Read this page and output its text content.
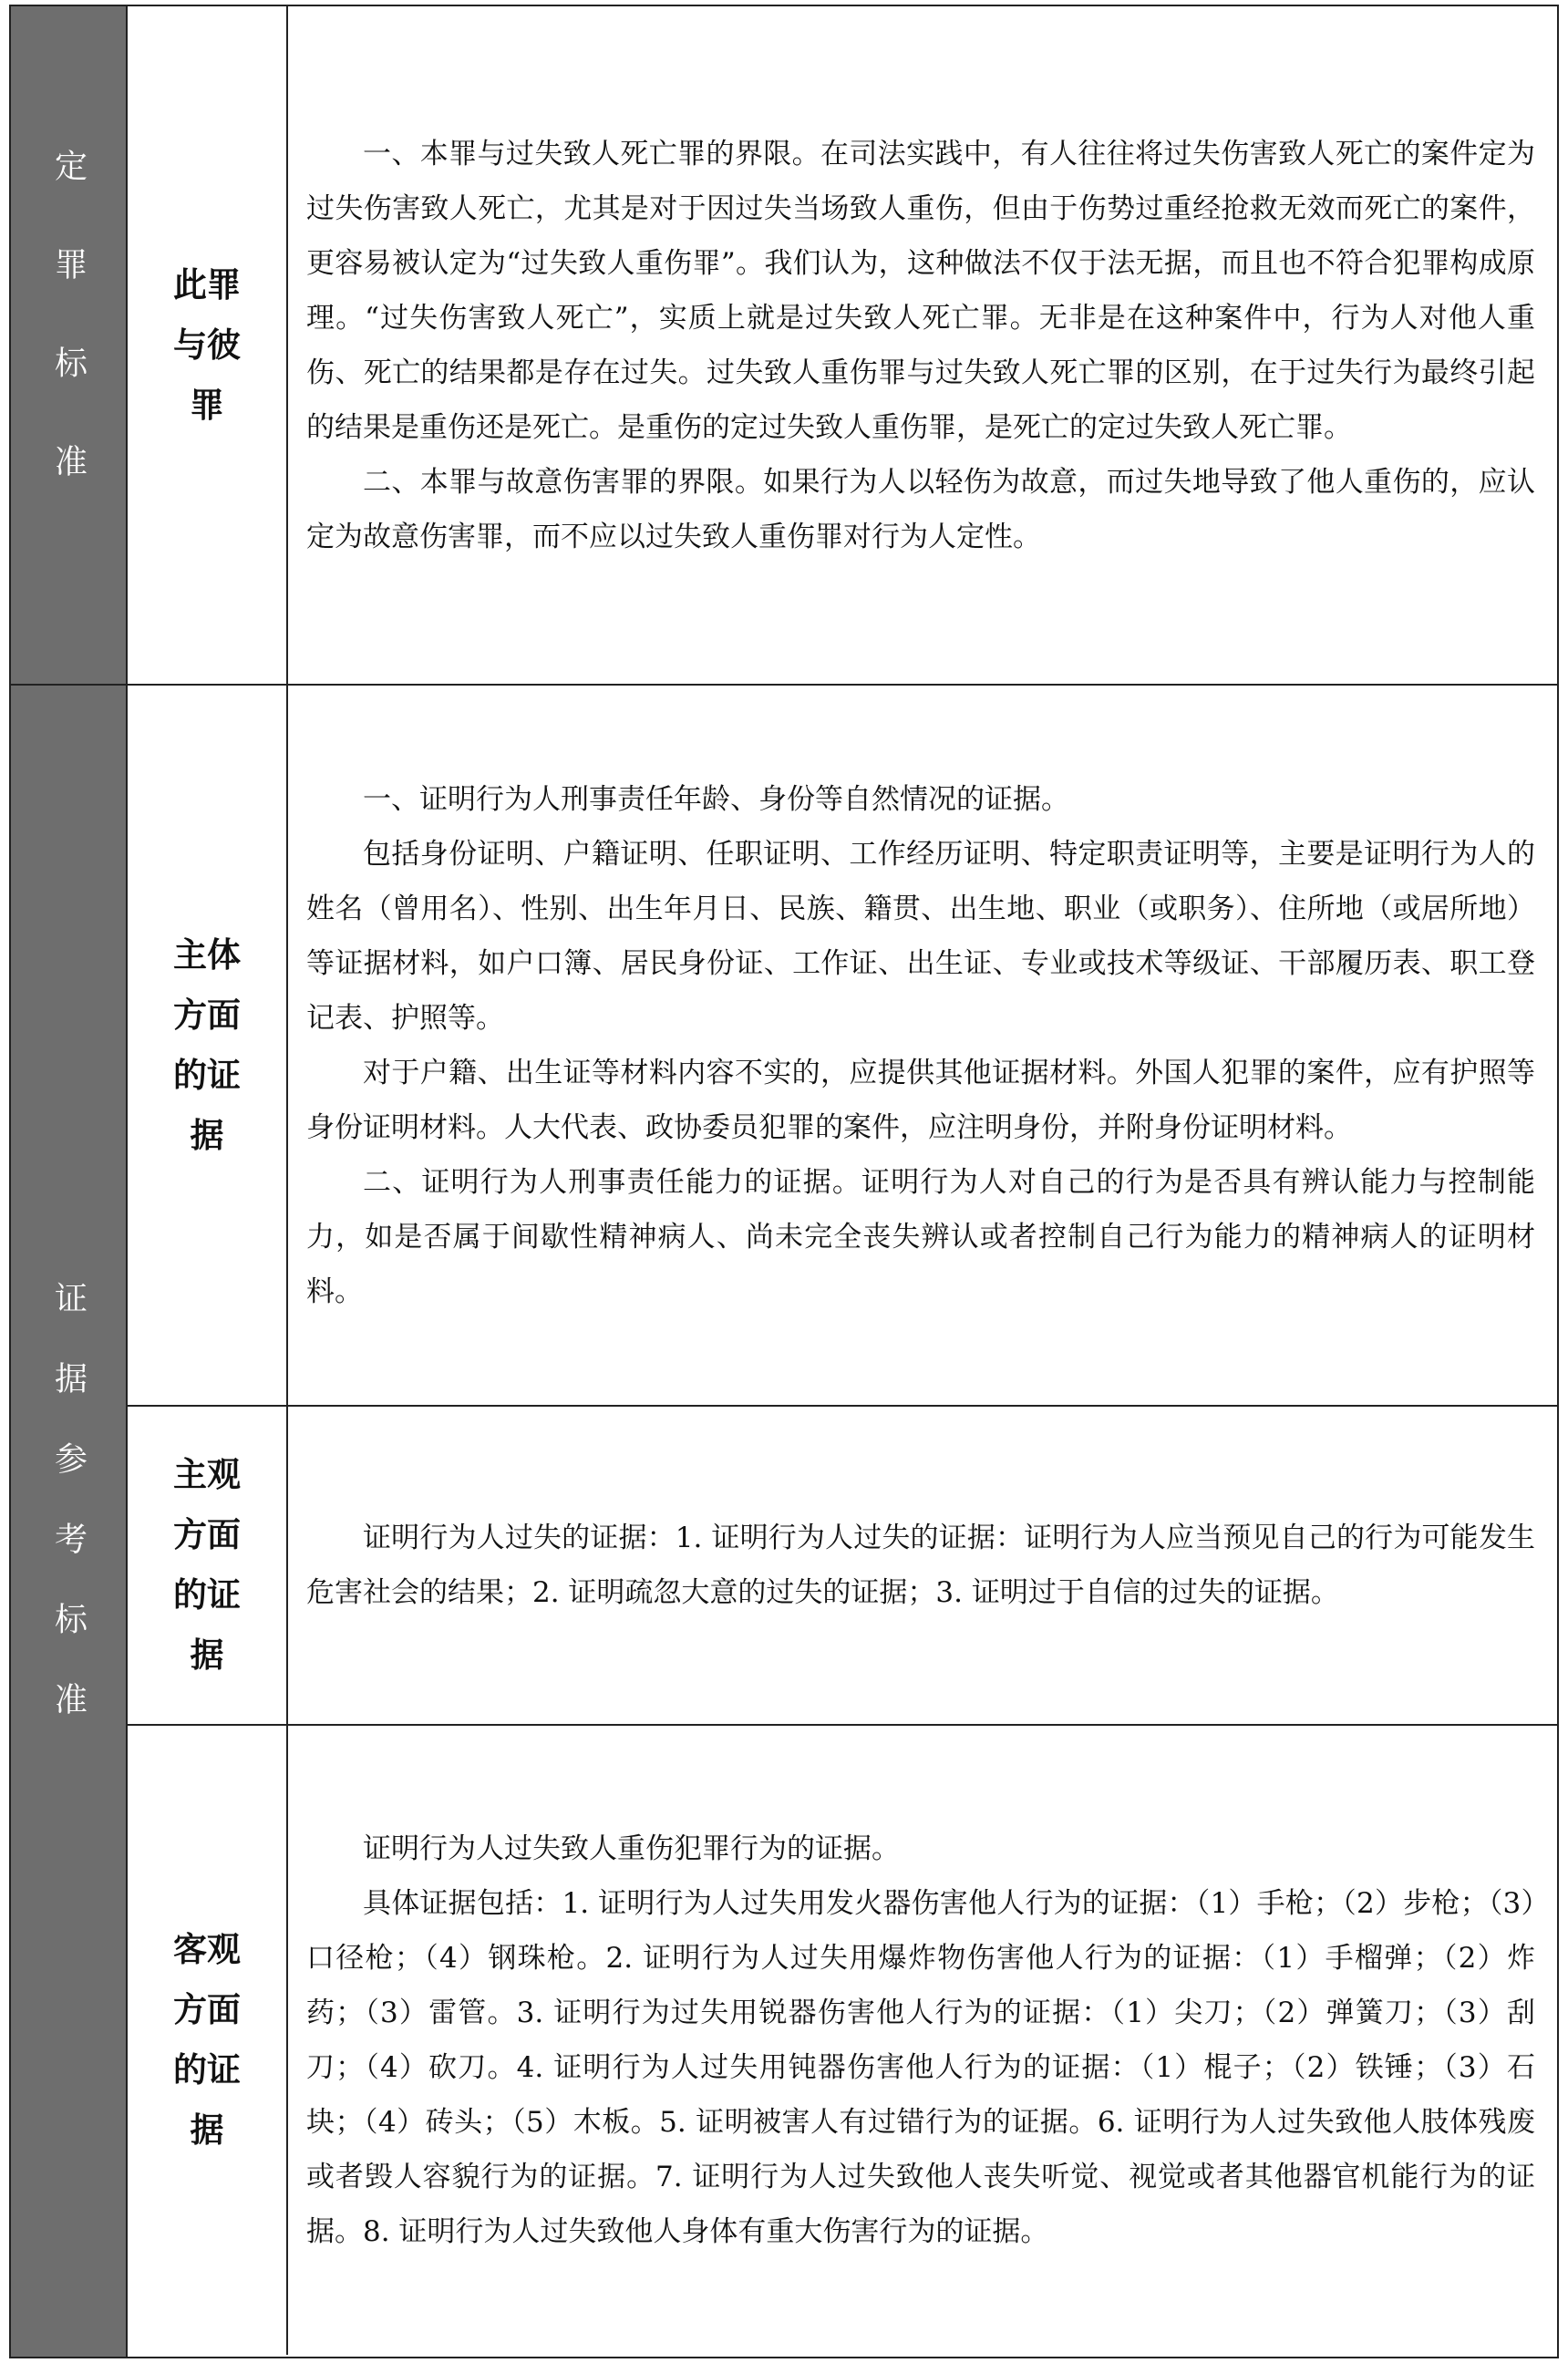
定罪标准	此罪与彼罪

一、本罪与过失致人死亡罪的界限。在司法实践中，有人往往将过失伤害致人死亡的案件定为过失伤害致人死亡，尤其是对于因过失当场致人重伤，但由于伤势过重经抢救无效而死亡的案件，更容易被认定为“过失致人重伤罪”。我们认为，这种做法不仅于法无据，而且也不符合犯罪构成原理。“过失伤害致人死亡”，实质上就是过失致人死亡罪。无非是在这种案件中，行为人对他人重伤、死亡的结果都是存在过失。过失致人重伤罪与过失致人死亡罪的区别，在于过失行为最终引起的结果是重伤还是死亡。是重伤的定过失致人重伤罪，是死亡的定过失致人死亡罪。

二、本罪与故意伤害罪的界限。如果行为人以轻伤为故意，而过失地导致了他人重伤的，应认定为故意伤害罪，而不应以过失致人重伤罪对行为人定性。

证据参考标准
主体方面的证据

一、证明行为人刑事责任年龄、身份等自然情况的证据。

包括身份证明、户籍证明、任职证明、工作经历证明、特定职责证明等，主要是证明行为人的姓名（曾用名）、性别、出生年月日、民族、籍贯、出生地、职业（或职务）、住所地（或居所地）等证据材料，如户口簿、居民身份证、工作证、出生证、专业或技术等级证、干部履历表、职工登记表、护照等。

对于户籍、出生证等材料内容不实的，应提供其他证据材料。外国人犯罪的案件，应有护照等身份证明材料。人大代表、政协委员犯罪的案件，应注明身份，并附身份证明材料。

二、证明行为人刑事责任能力的证据。证明行为人对自己的行为是否具有辨认能力与控制能力，如是否属于间歇性精神病人、尚未完全丧失辨认或者控制自己行为能力的精神病人的证明材料。

主观方面的证据

证明行为人过失的证据：1. 证明行为人过失的证据：证明行为人应当预见自己的行为可能发生危害社会的结果；2. 证明疏忽大意的过失的证据；3. 证明过于自信的过失的证据。

客观方面的证据

证明行为人过失致人重伤犯罪行为的证据。

具体证据包括：1. 证明行为人过失用发火器伤害他人行为的证据：（1）手枪；（2）步枪；（3）口径枪；（4）钢珠枪。2. 证明行为人过失用爆炸物伤害他人行为的证据：（1）手榴弹；（2）炸药；（3）雷管。3. 证明行为过失用锐器伤害他人行为的证据：（1）尖刀；（2）弹簧刀；（3）刮刀；（4）砍刀。4. 证明行为人过失用钝器伤害他人行为的证据：（1）棍子；（2）铁锤；（3）石块；（4）砖头；（5）木板。5. 证明被害人有过错行为的证据。6. 证明行为人过失致他人肢体残废或者毁人容貌行为的证据。7. 证明行为人过失致他人丧失听觉、视觉或者其他器官机能行为的证据。8. 证明行为人过失致他人身体有重大伤害行为的证据。
